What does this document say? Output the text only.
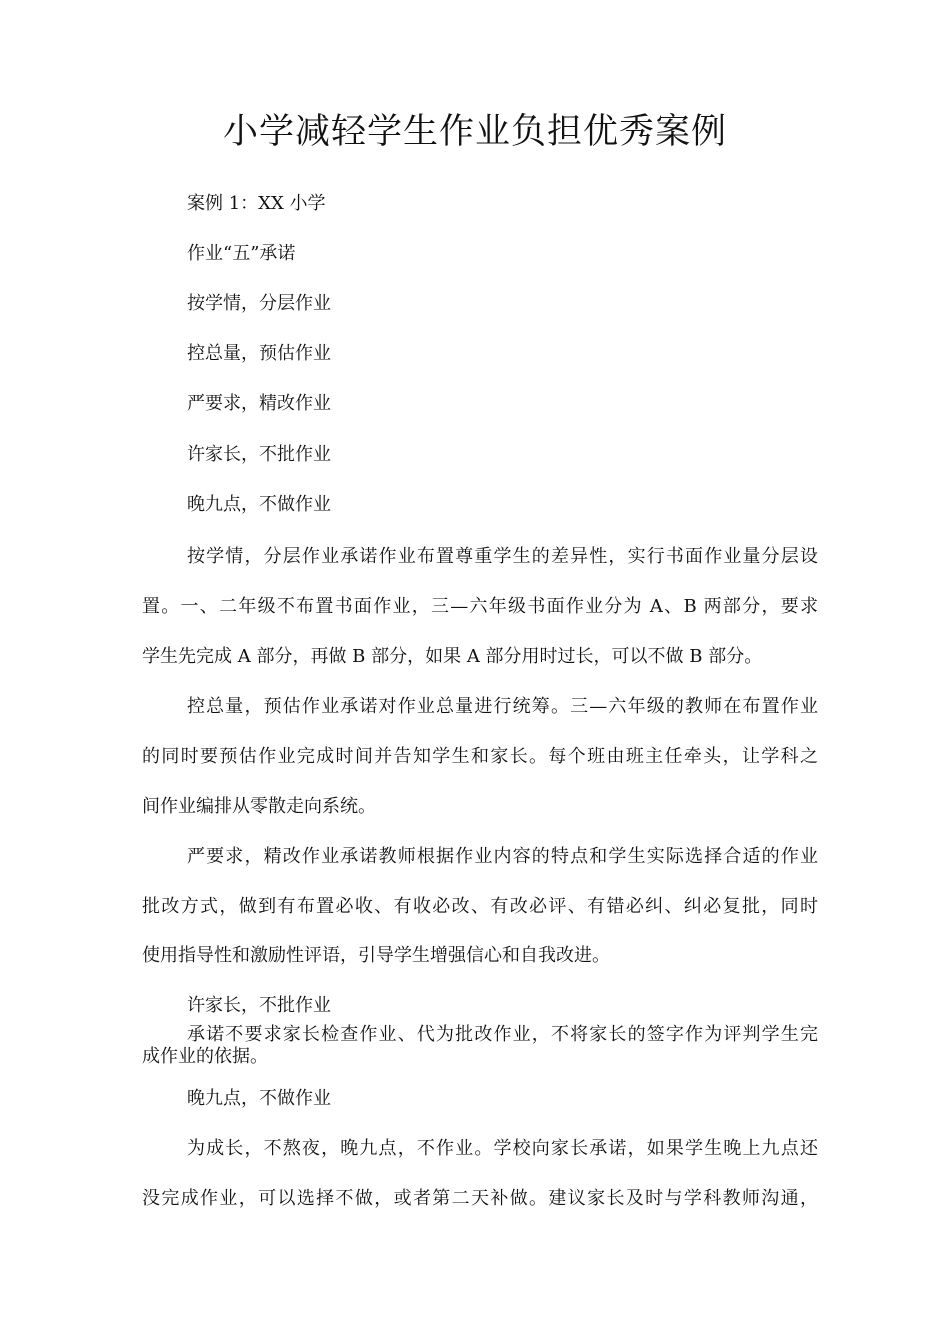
小学减轻学生作业负担优秀案例
案例 1：XX 小学
作业“五”承诺
按学情，分层作业
控总量，预估作业
严要求，精改作业
许家长，不批作业
晚九点，不做作业
按学情，分层作业承诺作业布置尊重学生的差异性，实行书面作业量分层设
置。一、二年级不布置书面作业，三—六年级书面作业分为 A、B 两部分，要求
学生先完成 A 部分，再做 B 部分，如果 A 部分用时过长，可以不做 B 部分。
控总量，预估作业承诺对作业总量进行统筹。三—六年级的教师在布置作业
的同时要预估作业完成时间并告知学生和家长。每个班由班主任牵头，让学科之
间作业编排从零散走向系统。
严要求，精改作业承诺教师根据作业内容的特点和学生实际选择合适的作业
批改方式，做到有布置必收、有收必改、有改必评、有错必纠、纠必复批，同时
使用指导性和激励性评语，引导学生增强信心和自我改进。
许家长，不批作业
承诺不要求家长检查作业、代为批改作业，不将家长的签字作为评判学生完
成作业的依据。
晚九点，不做作业
为成长，不熬夜，晚九点，不作业。学校向家长承诺，如果学生晚上九点还
没完成作业，可以选择不做，或者第二天补做。建议家长及时与学科教师沟通，
